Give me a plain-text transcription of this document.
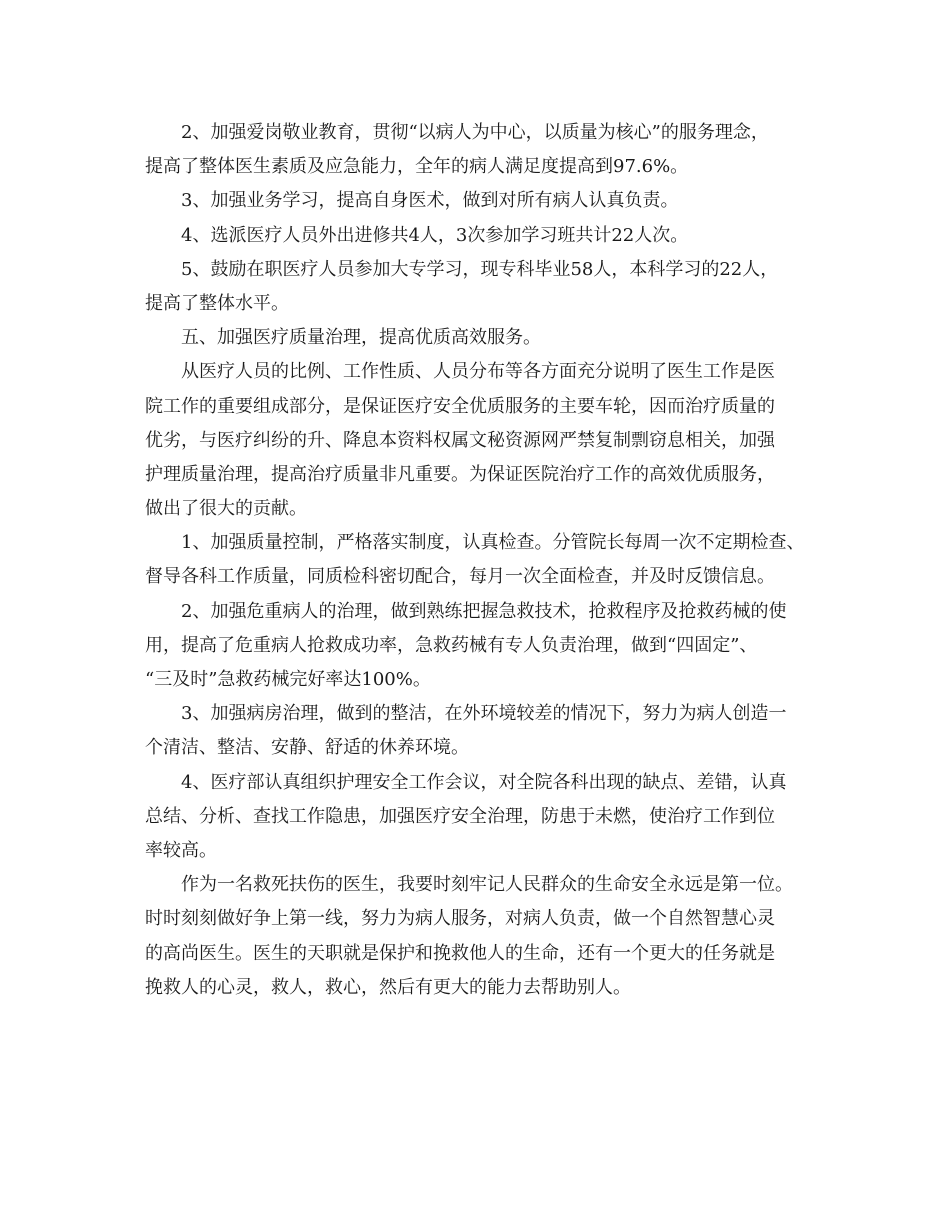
2、加强爱岗敬业教育，贯彻“以病人为中心，以质量为核心”的服务理念，
提高了整体医生素质及应急能力，全年的病人满足度提高到97.6%。
3、加强业务学习，提高自身医术，做到对所有病人认真负责。
4、选派医疗人员外出进修共4人，3次参加学习班共计22人次。
5、鼓励在职医疗人员参加大专学习，现专科毕业58人，本科学习的22人，
提高了整体水平。
五、加强医疗质量治理，提高优质高效服务。
从医疗人员的比例、工作性质、人员分布等各方面充分说明了医生工作是医
院工作的重要组成部分，是保证医疗安全优质服务的主要车轮，因而治疗质量的
优劣，与医疗纠纷的升、降息本资料权属文秘资源网严禁复制剽窃息相关，加强
护理质量治理，提高治疗质量非凡重要。为保证医院治疗工作的高效优质服务，
做出了很大的贡献。
1、加强质量控制，严格落实制度，认真检查。分管院长每周一次不定期检查、
督导各科工作质量，同质检科密切配合，每月一次全面检查，并及时反馈信息。
2、加强危重病人的治理，做到熟练把握急救技术，抢救程序及抢救药械的使
用，提高了危重病人抢救成功率，急救药械有专人负责治理，做到“四固定”、
“三及时”急救药械完好率达100%。
3、加强病房治理，做到的整洁，在外环境较差的情况下，努力为病人创造一
个清洁、整洁、安静、舒适的休养环境。
4、医疗部认真组织护理安全工作会议，对全院各科出现的缺点、差错，认真
总结、分析、查找工作隐患，加强医疗安全治理，防患于未燃，使治疗工作到位
率较高。
作为一名救死扶伤的医生，我要时刻牢记人民群众的生命安全永远是第一位。
时时刻刻做好争上第一线，努力为病人服务，对病人负责，做一个自然智慧心灵
的高尚医生。医生的天职就是保护和挽救他人的生命，还有一个更大的任务就是
挽救人的心灵，救人，救心，然后有更大的能力去帮助别人。
